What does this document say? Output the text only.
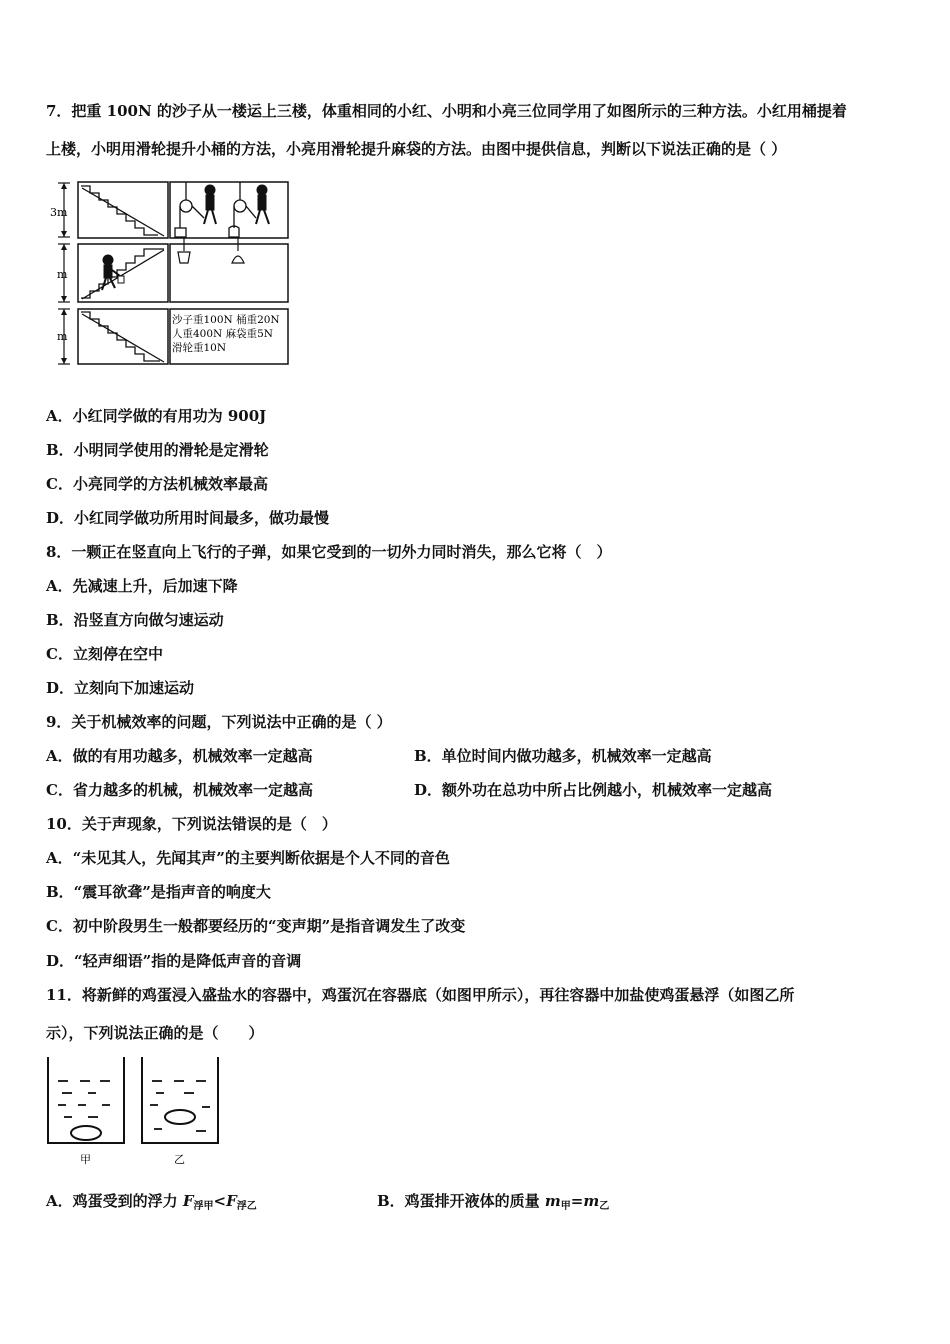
7．把重 100N 的沙子从一楼运上三楼，体重相同的小红、小明和小亮三位同学用了如图所示的三种方法。小红用桶提着
上楼，小明用滑轮提升小桶的方法，小亮用滑轮提升麻袋的方法。由图中提供信息，判断以下说法正确的是（ ）
3m
m
m
沙子重100N 桶重20N
人重400N 麻袋重5N
滑轮重10N
A．小红同学做的有用功为 900J
B．小明同学使用的滑轮是定滑轮
C．小亮同学的方法机械效率最高
D．小红同学做功所用时间最多，做功最慢
8．一颗正在竖直向上飞行的子弹，如果它受到的一切外力同时消失，那么它将（　）
A．先减速上升，后加速下降
B．沿竖直方向做匀速运动
C．立刻停在空中
D．立刻向下加速运动
9．关于机械效率的问题，下列说法中正确的是（ ）
A．做的有用功越多，机械效率一定越高	B．单位时间内做功越多，机械效率一定越高
C．省力越多的机械，机械效率一定越高	D．额外功在总功中所占比例越小，机械效率一定越高
10．关于声现象，下列说法错误的是（　）
A．“未见其人，先闻其声”的主要判断依据是个人不同的音色
B．“震耳欲聋”是指声音的响度大
C．初中阶段男生一般都要经历的“变声期”是指音调发生了改变
D．“轻声细语”指的是降低声音的音调
11．将新鲜的鸡蛋浸入盛盐水的容器中，鸡蛋沉在容器底（如图甲所示），再往容器中加盐使鸡蛋悬浮（如图乙所
示），下列说法正确的是（　　）
甲	乙
A．鸡蛋受到的浮力 $F_{浮甲}<F_{浮乙}$	B．鸡蛋排开液体的质量 $m_甲=m_乙$
